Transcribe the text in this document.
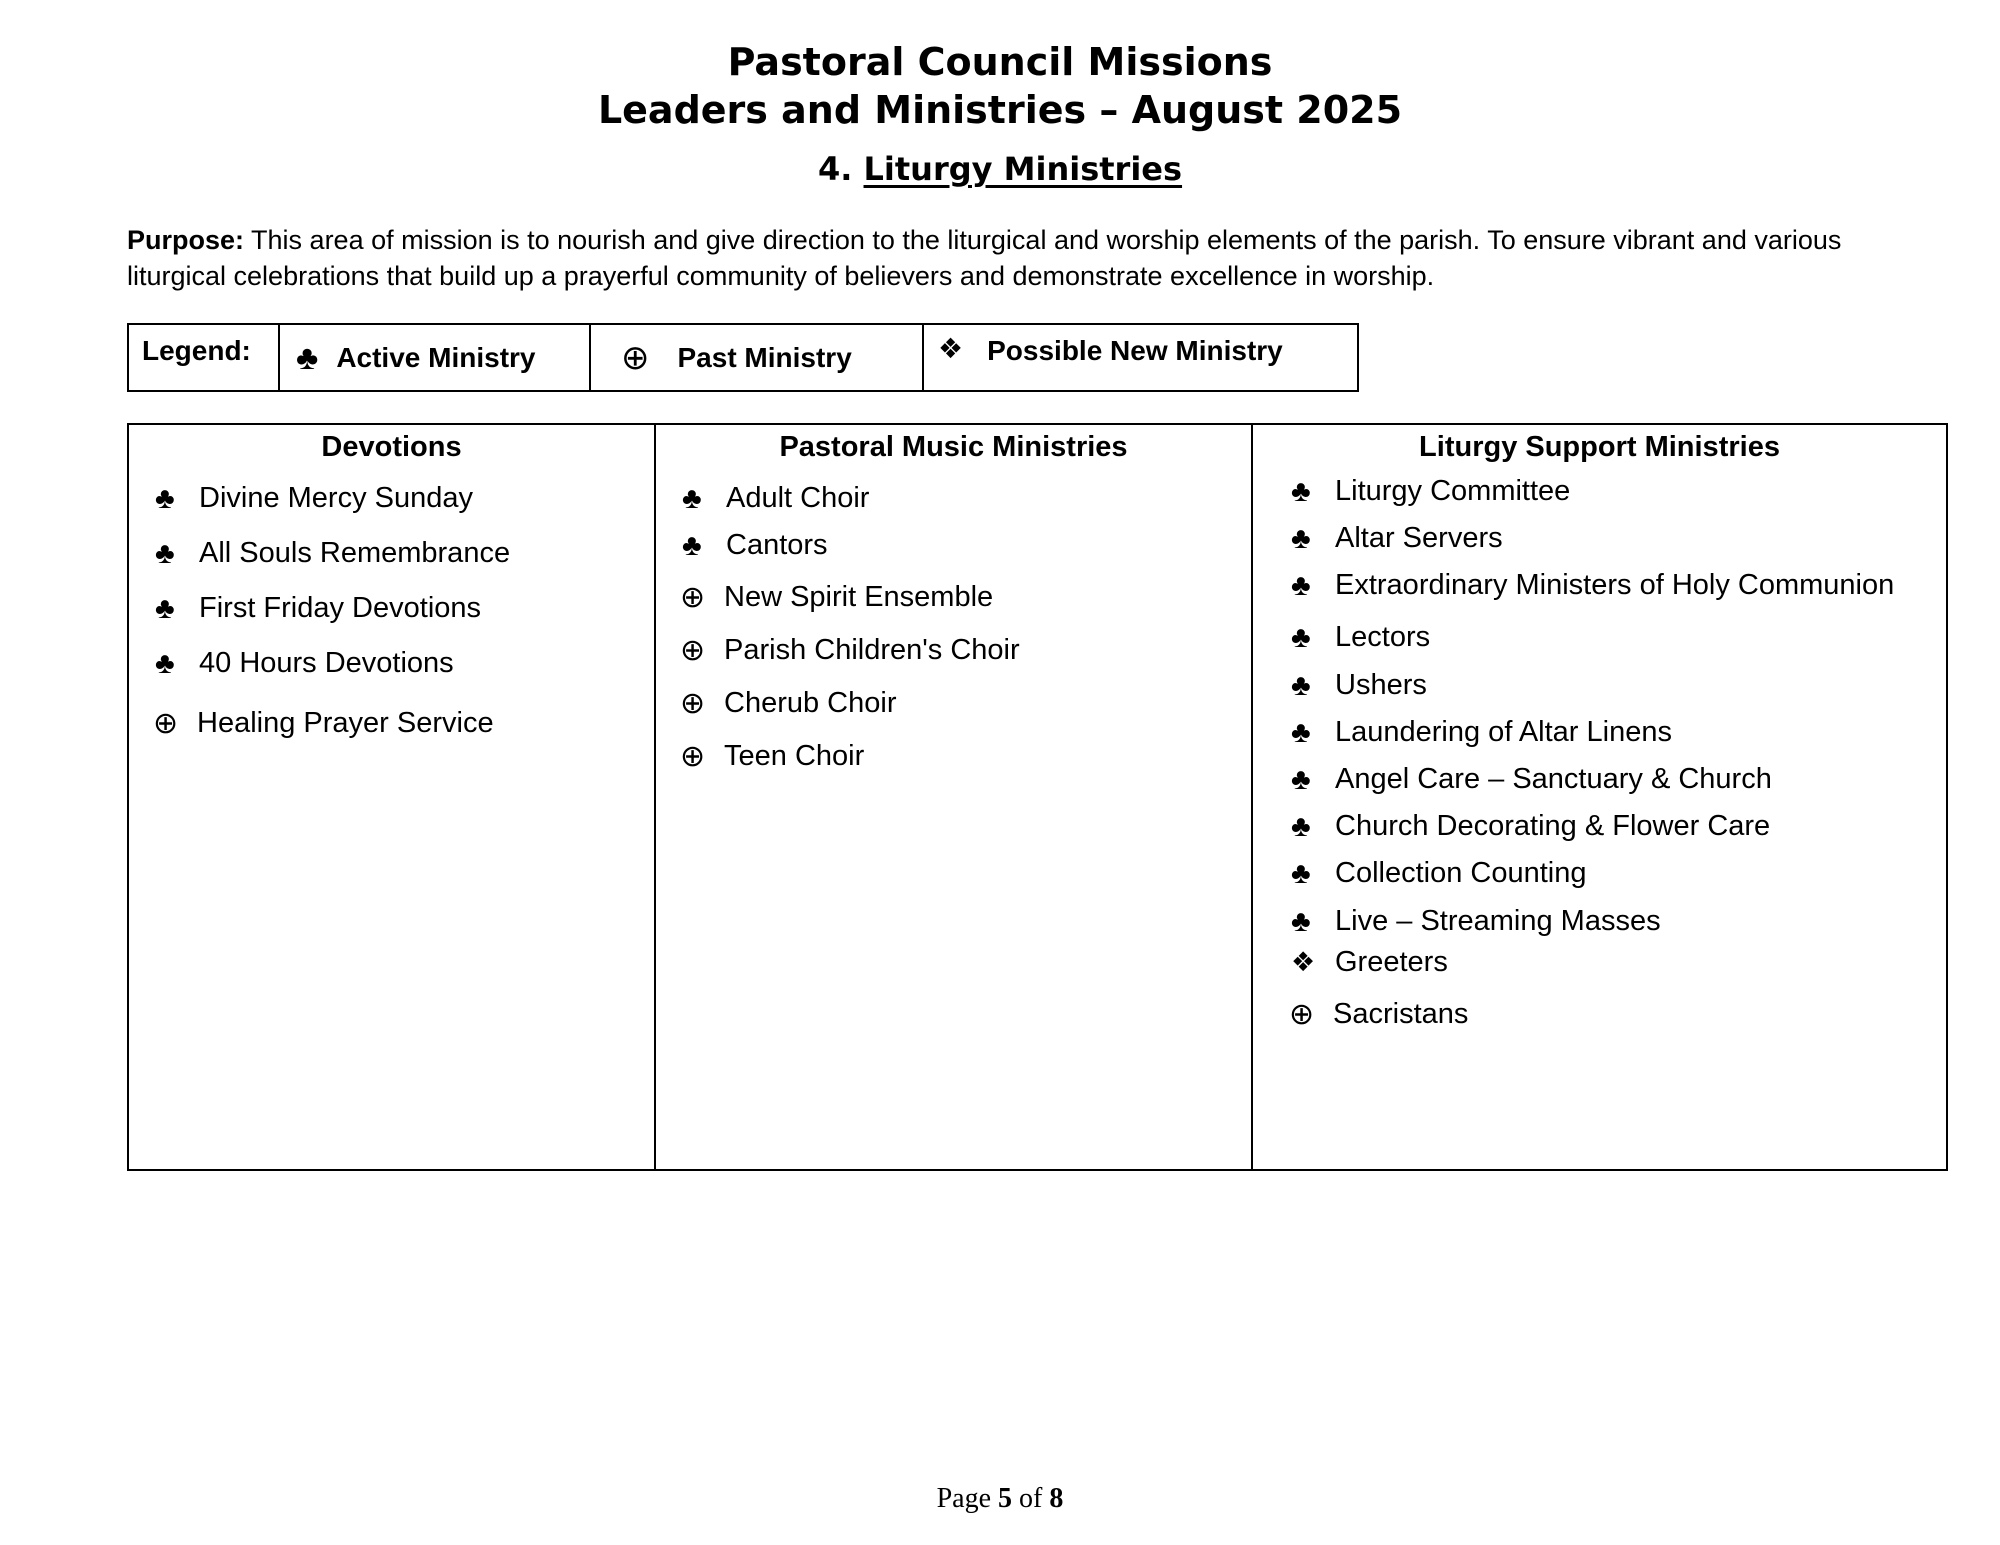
Pastoral Council Missions
Leaders and Ministries – August 2025
4. Liturgy Ministries
Purpose: This area of mission is to nourish and give direction to the liturgical and worship elements of the parish. To ensure vibrant and various liturgical celebrations that build up a prayerful community of believers and demonstrate excellence in worship.
Legend: ♣ Active Ministry	⊕ Past Ministry	❖ Possible New Ministry
Devotions
♣ Divine Mercy Sunday
♣ All Souls Remembrance
♣ First Friday Devotions
♣ 40 Hours Devotions
⊕ Healing Prayer Service
Pastoral Music Ministries
♣ Adult Choir
♣ Cantors
⊕ New Spirit Ensemble
⊕ Parish Children's Choir
⊕ Cherub Choir
⊕ Teen Choir
Liturgy Support Ministries
♣ Liturgy Committee
♣ Altar Servers
♣ Extraordinary Ministers of Holy Communion
♣ Lectors
♣ Ushers
♣ Laundering of Altar Linens
♣ Angel Care – Sanctuary & Church
♣ Church Decorating & Flower Care
♣ Collection Counting
♣ Live – Streaming Masses
❖ Greeters
⊕ Sacristans
Page 5 of 8
